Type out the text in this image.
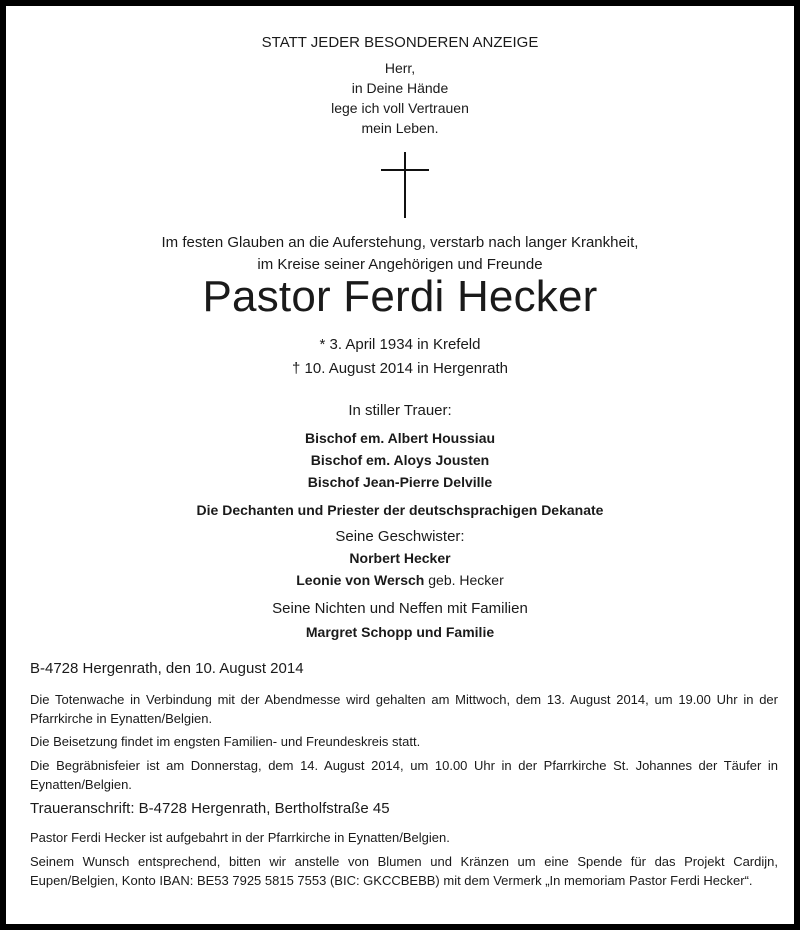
STATT JEDER BESONDEREN ANZEIGE
Herr,
in Deine Hände
lege ich voll Vertrauen
mein Leben.
Im festen Glauben an die Auferstehung, verstarb nach langer Krankheit,
im Kreise seiner Angehörigen und Freunde
Pastor Ferdi Hecker
* 3. April 1934 in Krefeld
† 10. August 2014 in Hergenrath
In stiller Trauer:
Bischof em. Albert Houssiau
Bischof em. Aloys Jousten
Bischof Jean-Pierre Delville
Die Dechanten und Priester der deutschsprachigen Dekanate
Seine Geschwister:
Norbert Hecker
Leonie von Wersch geb. Hecker
Seine Nichten und Neffen mit Familien
Margret Schopp und Familie
B-4728 Hergenrath, den 10. August 2014
Die Totenwache in Verbindung mit der Abendmesse wird gehalten am Mittwoch, dem 13. August 2014, um 19.00 Uhr in der Pfarrkirche in Eynatten/Belgien.
Die Beisetzung findet im engsten Familien- und Freundeskreis statt.
Die Begräbnisfeier ist am Donnerstag, dem 14. August 2014, um 10.00 Uhr in der Pfarrkirche St. Johannes der Täufer in Eynatten/Belgien.
Traueranschrift: B-4728 Hergenrath, Bertholfstraße 45
Pastor Ferdi Hecker ist aufgebahrt in der Pfarrkirche in Eynatten/Belgien.
Seinem Wunsch entsprechend, bitten wir anstelle von Blumen und Kränzen um eine Spende für das Projekt Cardijn, Eupen/Belgien, Konto IBAN: BE53 7925 5815 7553 (BIC: GKCCBEBB) mit dem Vermerk „In memoriam Pastor Ferdi Hecker“.
